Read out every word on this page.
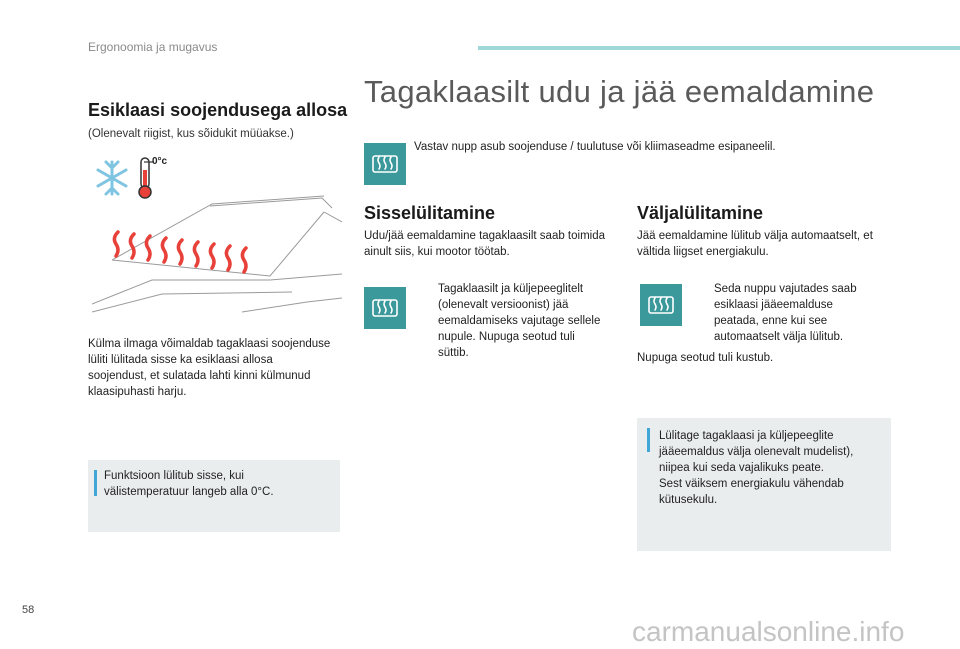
Ergonoomia ja mugavus
Esiklaasi soojendusega allosa
(Olenevalt riigist, kus sõidukit müüakse.)
0°c
Külma ilmaga võimaldab tagaklaasi soojenduse
lüliti lülitada sisse ka esiklaasi allosa
soojendust, et sulatada lahti kinni külmunud
klaasipuhasti harju.
Funktsioon lülitub sisse, kui
välistemperatuur langeb alla 0°C.
Tagaklaasilt udu ja jää eemaldamine
Vastav nupp asub soojenduse / tuulutuse või kliimaseadme esipaneelil.
Sisselülitamine
Udu/jää eemaldamine tagaklaasilt saab toimida
ainult siis, kui mootor töötab.
Tagaklaasilt ja küljepeeglitelt
(olenevalt versioonist) jää
eemaldamiseks vajutage sellele
nupule. Nupuga seotud tuli
süttib.
Väljalülitamine
Jää eemaldamine lülitub välja automaatselt, et
vältida liigset energiakulu.
Seda nuppu vajutades saab
esiklaasi jääeemalduse
peatada, enne kui see
automaatselt välja lülitub.
Nupuga seotud tuli kustub.
Lülitage tagaklaasi ja küljepeeglite
jääeemaldus välja olenevalt mudelist),
niipea kui seda vajalikuks peate.
Sest väiksem energiakulu vähendab
kütusekulu.
58
carmanualsonline.info
